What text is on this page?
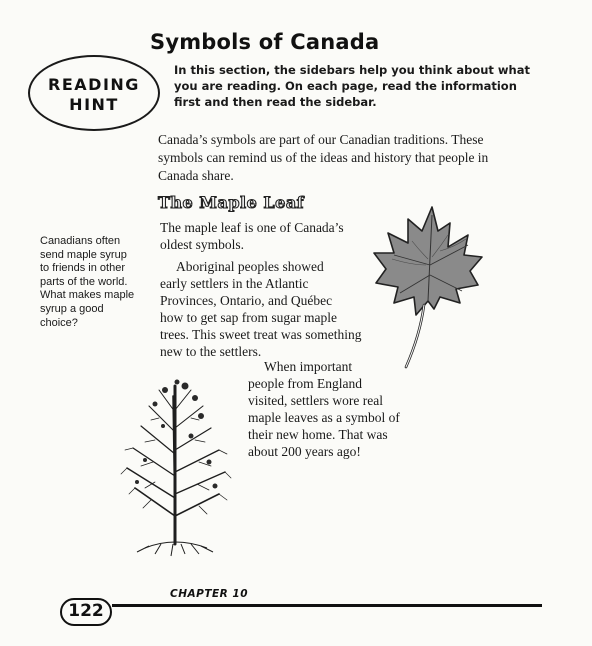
Symbols of Canada
READING
HINT
In this section, the sidebars help you think about what
you are reading. On each page, read the information
first and then read the sidebar.
Canada’s symbols are part of our Canadian traditions. These
symbols can remind us of the ideas and history that people in
Canada share.
The Maple Leaf
The maple leaf is one of Canada’s
oldest symbols.
Aboriginal peoples showed
early settlers in the Atlantic
Provinces, Ontario, and Québec
how to get sap from sugar maple
trees. This sweet treat was something
new to the settlers.
When important
people from England
visited, settlers wore real
maple leaves as a symbol of
their new home. That was
about 200 years ago!
Canadians often
send maple syrup
to friends in other
parts of the world.
What makes maple
syrup a good
choice?
122
CHAPTER 10
